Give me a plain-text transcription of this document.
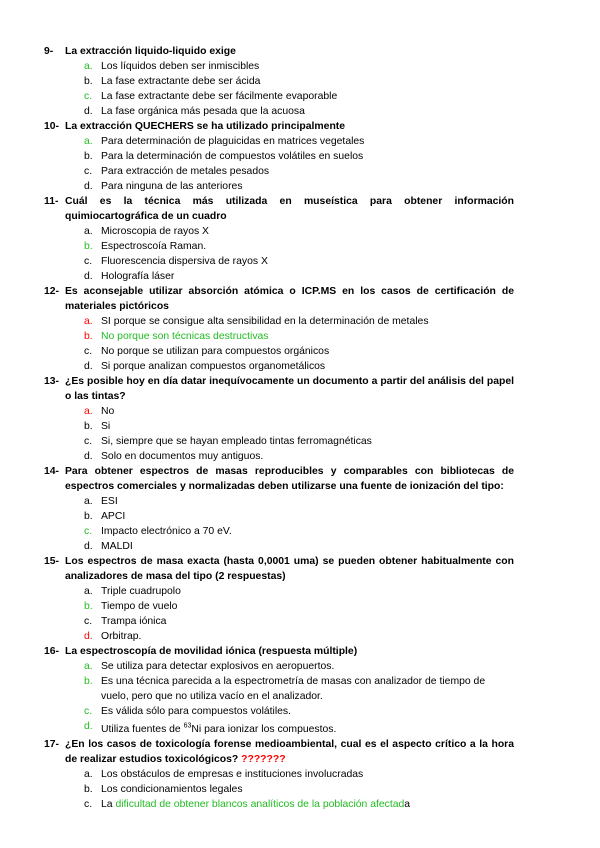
9- La extracción liquido-liquido exige
a. Los líquidos deben ser inmiscibles
b. La fase extractante debe ser ácida
c. La fase extractante debe ser fácilmente evaporable
d. La fase orgánica más pesada que la acuosa
10- La extracción QUECHERS se ha utilizado principalmente
a. Para determinación de plaguicidas en matrices vegetales
b. Para la determinación de compuestos volátiles en suelos
c. Para extracción de metales pesados
d. Para ninguna de las anteriores
11- Cuál es la técnica más utilizada en museística para obtener información quimiocartográfica de un cuadro
a. Microscopia de rayos X
b. Espectroscoía Raman.
c. Fluorescencia dispersiva de rayos X
d. Holografía láser
12- Es aconsejable utilizar absorción atómica o ICP.MS en los casos de certificación de materiales pictóricos
a. SI porque se consigue alta sensibilidad en la determinación de metales
b. No porque son técnicas destructivas
c. No porque se utilizan para compuestos orgánicos
d. Si porque analizan compuestos organometálicos
13- ¿Es posible hoy en día datar inequívocamente un documento a partir del análisis del papel o las tintas?
a. No
b. Si
c. Si, siempre que se hayan empleado tintas ferromagnéticas
d. Solo en documentos muy antiguos.
14- Para obtener espectros de masas reproducibles y comparables con bibliotecas de espectros comerciales y normalizadas deben utilizarse una fuente de ionización del tipo:
a. ESI
b. APCI
c. Impacto electrónico a 70 eV.
d. MALDI
15- Los espectros de masa exacta (hasta 0,0001 uma) se pueden obtener habitualmente con analizadores de masa del tipo (2 respuestas)
a. Triple cuadrupolo
b. Tiempo de vuelo
c. Trampa iónica
d. Orbitrap.
16- La espectroscopía de movilidad iónica (respuesta múltiple)
a. Se utiliza para detectar explosivos en aeropuertos.
b. Es una técnica parecida a la espectrometría de masas con analizador de tiempo de vuelo, pero que no utiliza vacío en el analizador.
c. Es válida sólo para compuestos volátiles.
d. Utiliza fuentes de $^{63}$Ni para ionizar los compuestos.
17- ¿En los casos de toxicología forense medioambiental, cual es el aspecto crítico a la hora de realizar estudios toxicológicos? ???????
a. Los obstáculos de empresas e instituciones involucradas
b. Los condicionamientos legales
c. La dificultad de obtener blancos analíticos de la población afectada
